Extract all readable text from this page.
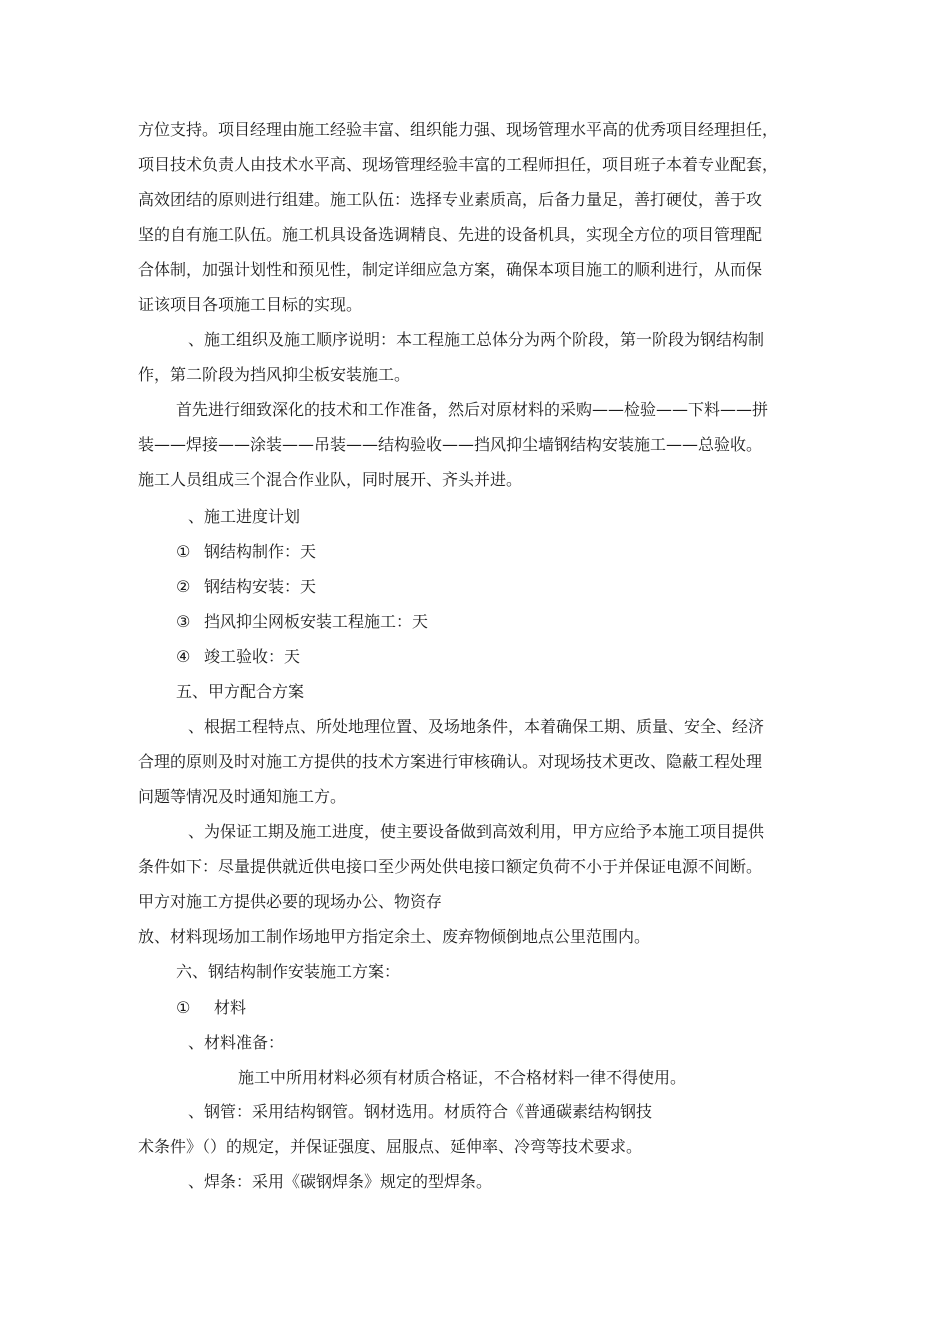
方位支持。项目经理由施工经验丰富、组织能力强、现场管理水平高的优秀项目经理担任，
项目技术负责人由技术水平高、现场管理经验丰富的工程师担任，项目班子本着专业配套，
高效团结的原则进行组建。施工队伍：选择专业素质高，后备力量足，善打硬仗，善于攻
坚的自有施工队伍。施工机具设备选调精良、先进的设备机具，实现全方位的项目管理配
合体制，加强计划性和预见性，制定详细应急方案，确保本项目施工的顺利进行，从而保
证该项目各项施工目标的实现。
、施工组织及施工顺序说明：本工程施工总体分为两个阶段，第一阶段为钢结构制
作，第二阶段为挡风抑尘板安装施工。
首先进行细致深化的技术和工作准备，然后对原材料的采购——检验——下料——拼
装——焊接——涂装——吊装——结构验收——挡风抑尘墙钢结构安装施工——总验收。
施工人员组成三个混合作业队，同时展开、齐头并进。
、施工进度计划
① 钢结构制作：天
② 钢结构安装：天
③ 挡风抑尘网板安装工程施工：天
④ 竣工验收：天
五、甲方配合方案
、根据工程特点、所处地理位置、及场地条件，本着确保工期、质量、安全、经济
合理的原则及时对施工方提供的技术方案进行审核确认。对现场技术更改、隐蔽工程处理
问题等情况及时通知施工方。
、为保证工期及施工进度，使主要设备做到高效利用，甲方应给予本施工项目提供
条件如下：尽量提供就近供电接口至少两处供电接口额定负荷不小于并保证电源不间断。
甲方对施工方提供必要的现场办公、物资存
放、材料现场加工制作场地甲方指定余土、废弃物倾倒地点公里范围内。
六、钢结构制作安装施工方案：
① 材料
、材料准备：
施工中所用材料必须有材质合格证，不合格材料一律不得使用。
、钢管：采用结构钢管。钢材选用。材质符合《普通碳素结构钢技
术条件》（）的规定，并保证强度、屈服点、延伸率、冷弯等技术要求。
、焊条：采用《碳钢焊条》规定的型焊条。
